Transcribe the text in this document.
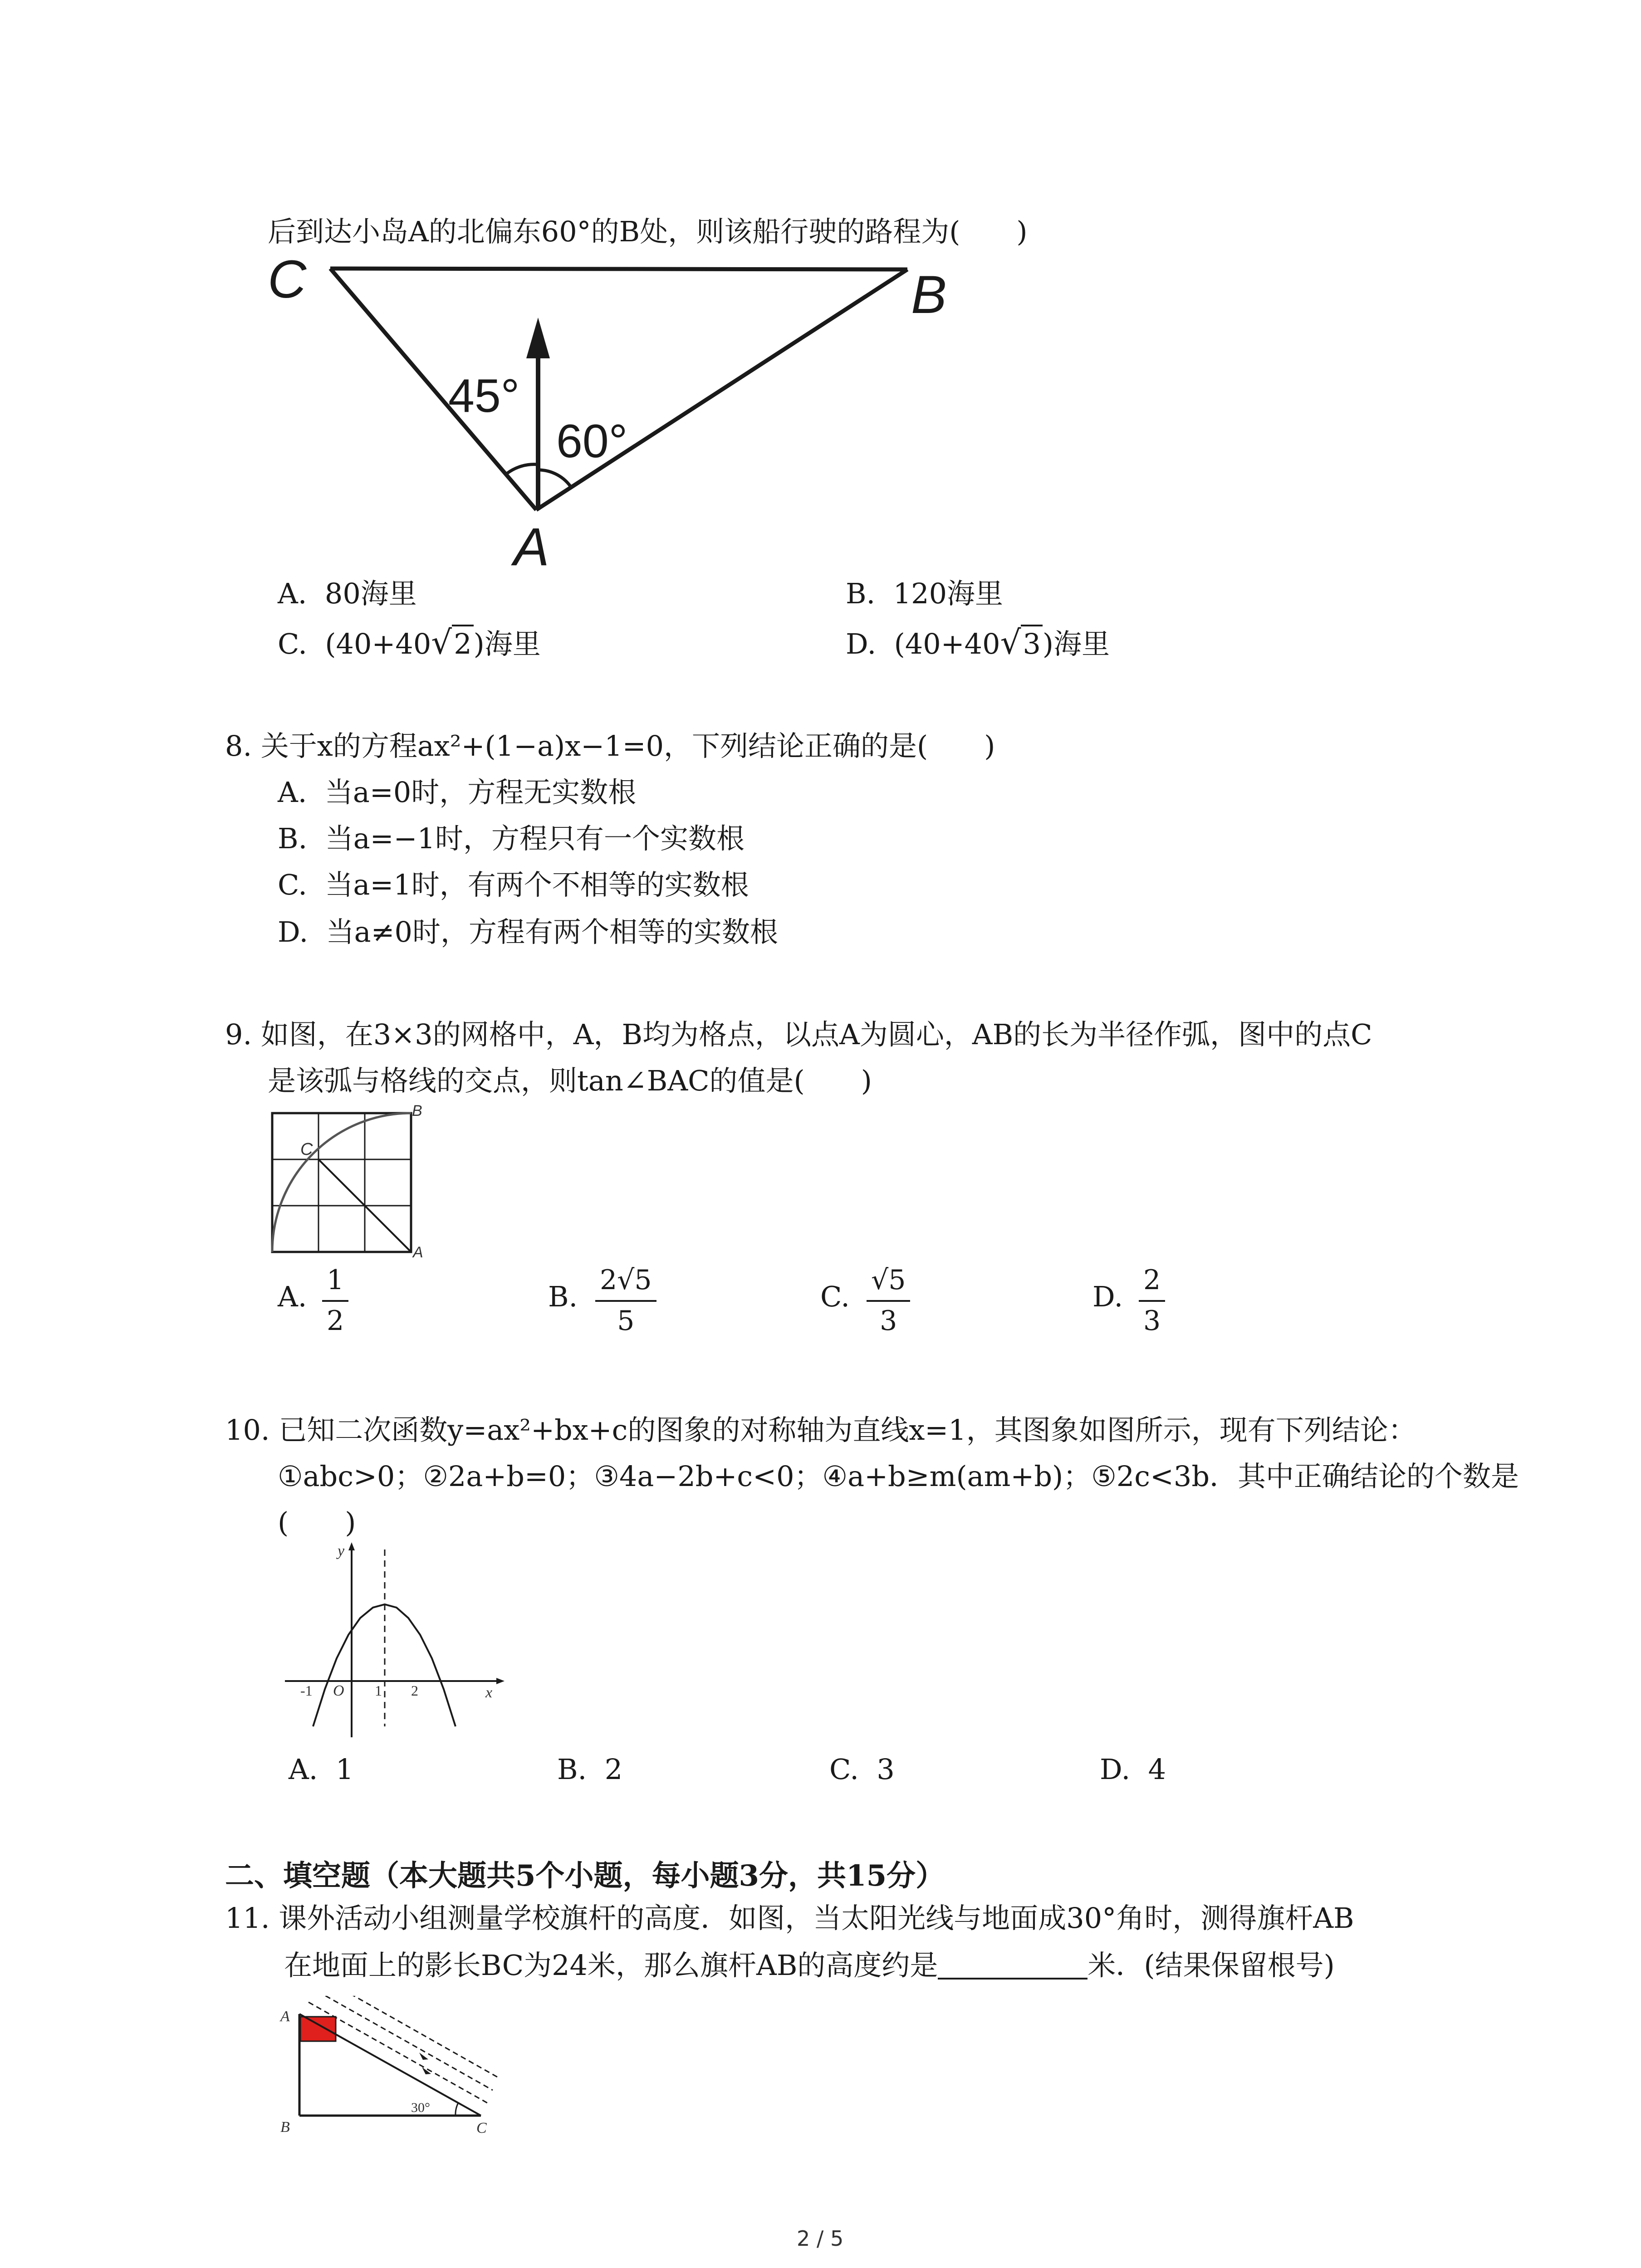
后到达小岛A的北偏东60°的B处，则该船行驶的路程为(　　)
C	B
A
45°
60°
A. 80海里	B. 120海里
C. (40+40√2)海里	D. (40+40√3)海里
8. 关于x的方程ax²+(1−a)x−1=0，下列结论正确的是(　　)
A. 当a=0时，方程无实数根
B. 当a=−1时，方程只有一个实数根
C. 当a=1时，有两个不相等的实数根
D. 当a≠0时，方程有两个相等的实数根
9. 如图，在3×3的网格中，A，B均为格点，以点A为圆心，AB的长为半径作弧，图中的点C
是该弧与格线的交点，则tan∠BAC的值是(　　)
B
C
A
A. $\frac{1}{2}$	B. $\frac{2√5}{5}$	C. $\frac{√5}{3}$	D. $\frac{2}{3}$
10. 已知二次函数y=ax²+bx+c的图象的对称轴为直线x=1，其图象如图所示，现有下列结论：
①abc>0；②2a+b=0；③4a−2b+c<0；④a+b≥m(am+b)；⑤2c<3b．其中正确结论的个数是
(　　)
y
x
O
-1	1 2
A. 1	B. 2	C. 3	D. 4
二、填空题（本大题共5个小题，每小题3分，共15分）
11. 课外活动小组测量学校旗杆的高度．如图，当太阳光线与地面成30°角时，测得旗杆AB
在地面上的影长BC为24米，那么旗杆AB的高度约是	米．(结果保留根号)
30°
A
B	C
2 / 5
